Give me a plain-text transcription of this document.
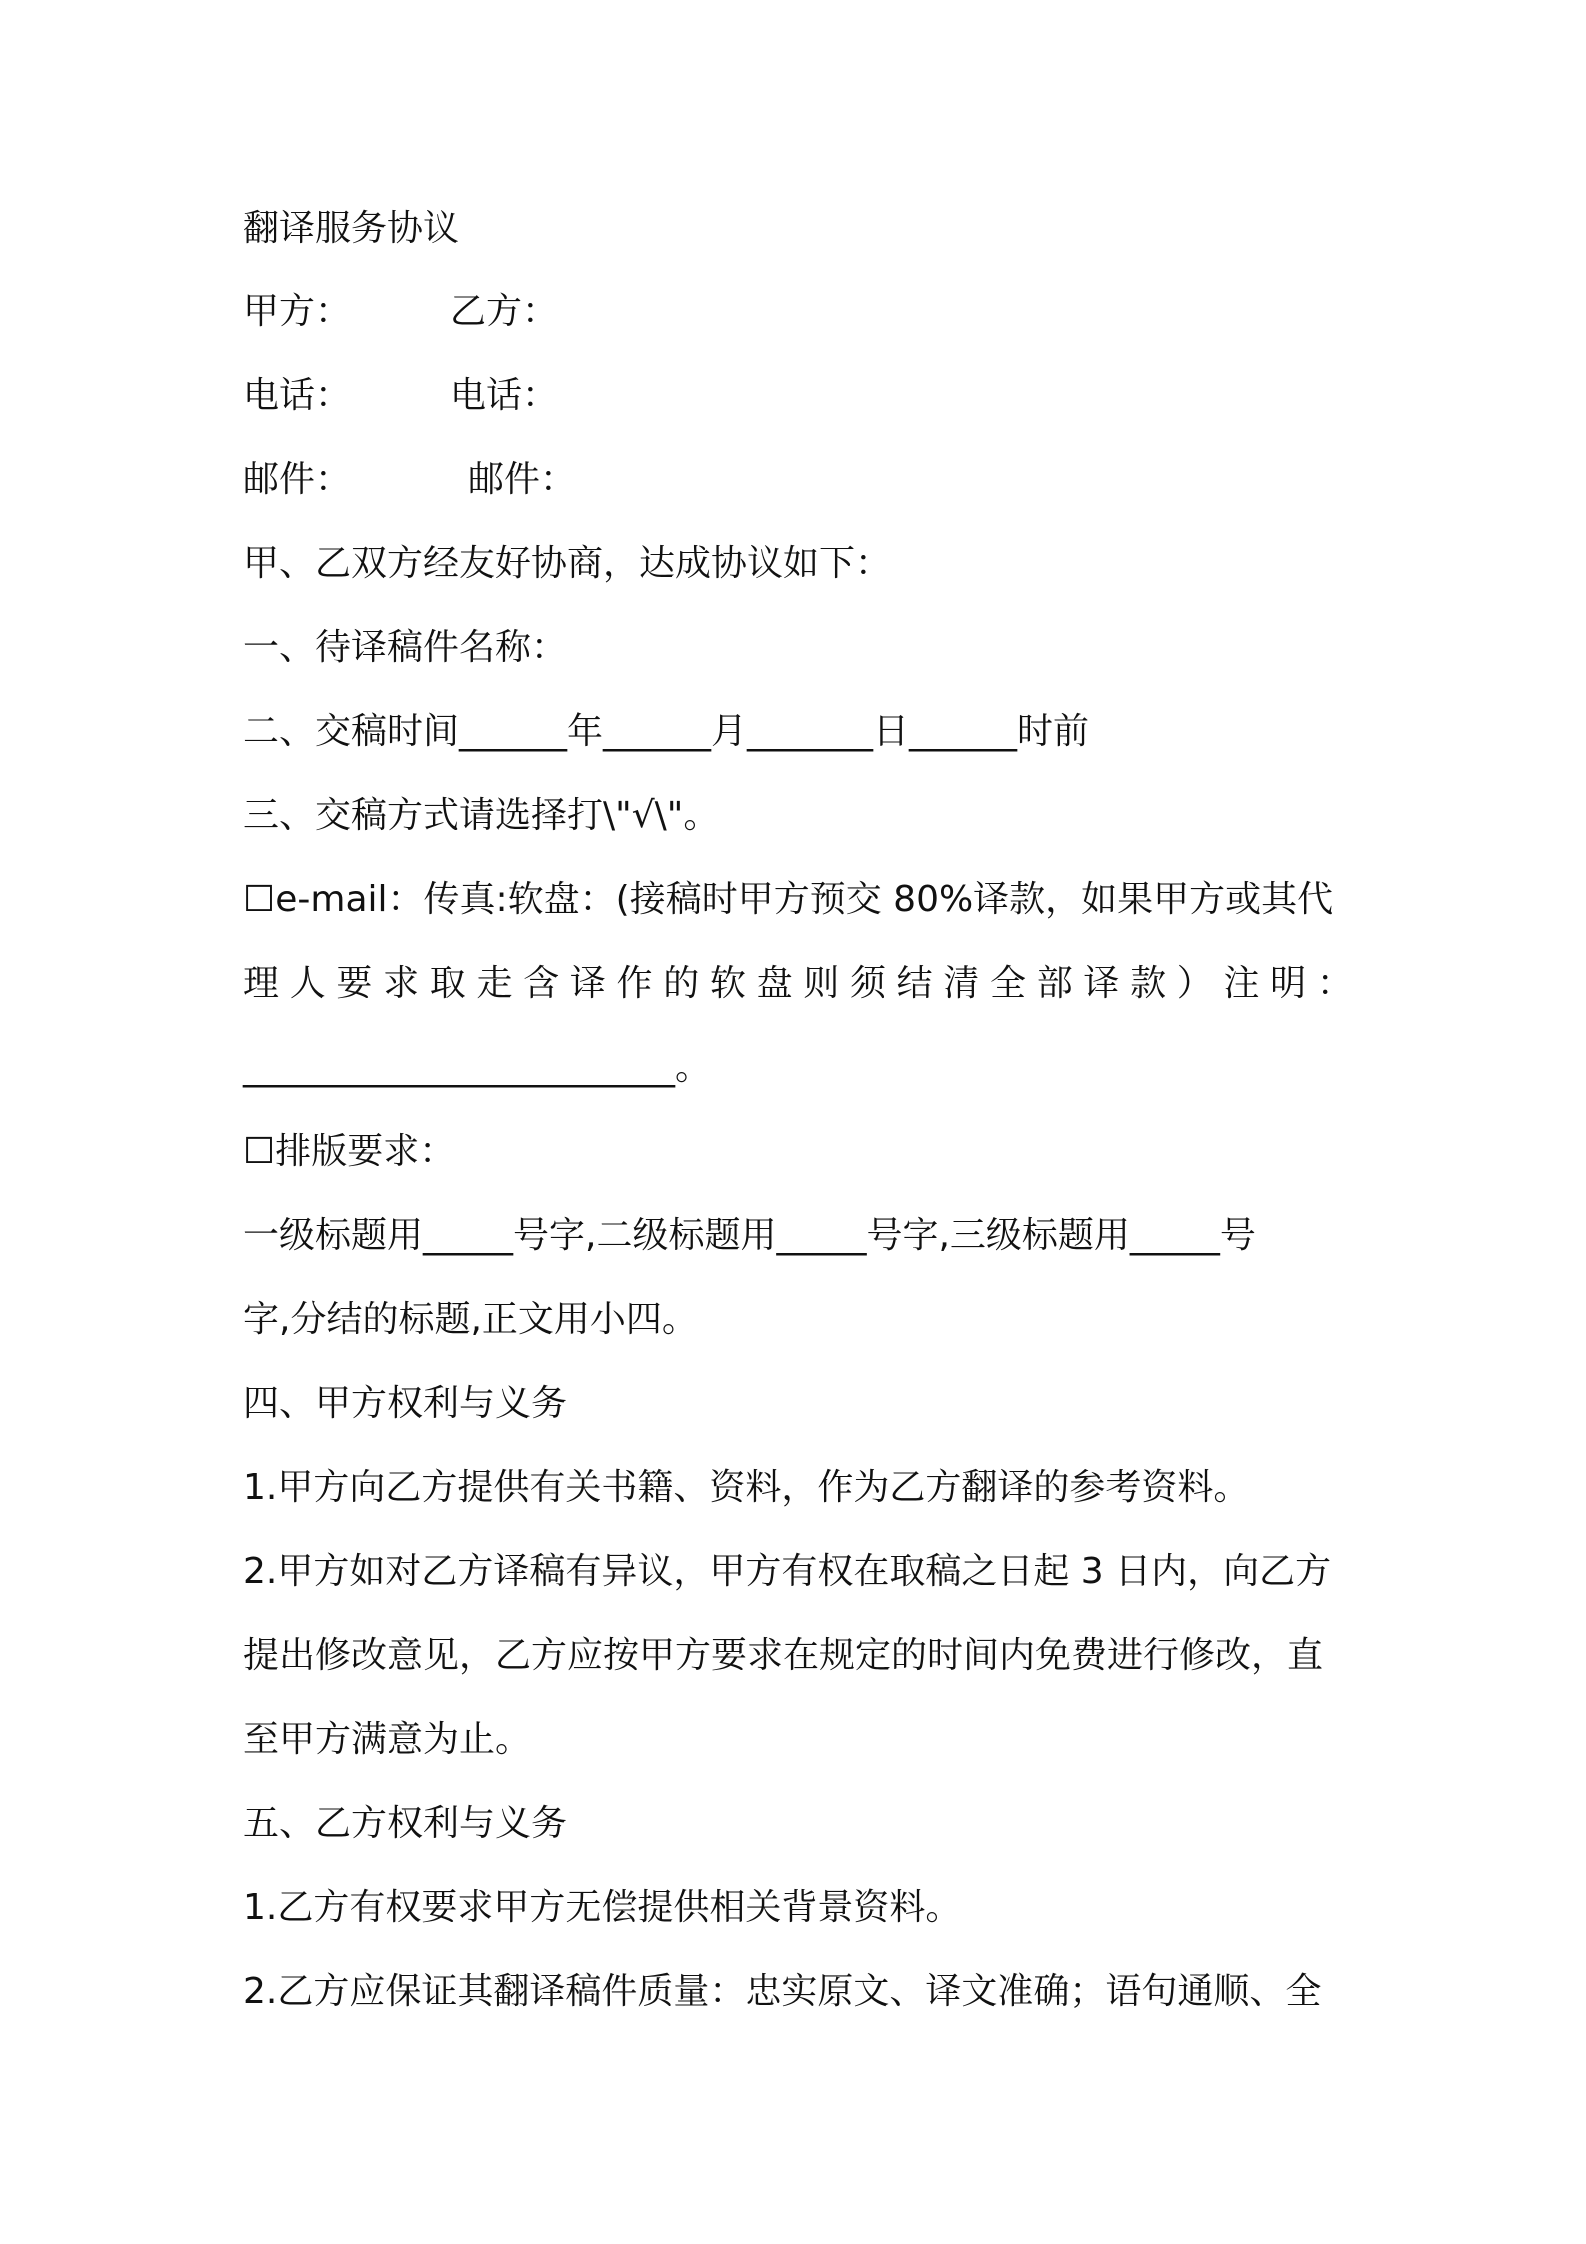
翻译服务协议
甲方：	乙方：
电话：	电话：
邮件：	邮件：
甲、乙双方经友好协商，达成协议如下：
一、待译稿件名称：
二、交稿时间______年______月_______日______时前
三、交稿方式请选择打\"√\"。
☐e-mail：传真:软盘：(接稿时甲方预交 80%译款，如果甲方或其代
理 人 要 求 取 走 含 译 作 的 软 盘 则 须 结 清 全 部 译 款 ） 注 明 ：
________________________。
☐排版要求：
一级标题用_____号字,二级标题用_____号字,三级标题用_____号
字,分结的标题,正文用小四。
四、甲方权利与义务
1.甲方向乙方提供有关书籍、资料，作为乙方翻译的参考资料。
2.甲方如对乙方译稿有异议，甲方有权在取稿之日起 3 日内，向乙方
提出修改意见，乙方应按甲方要求在规定的时间内免费进行修改，直
至甲方满意为止。
五、乙方权利与义务
1.乙方有权要求甲方无偿提供相关背景资料。
2.乙方应保证其翻译稿件质量：忠实原文、译文准确；语句通顺、全
